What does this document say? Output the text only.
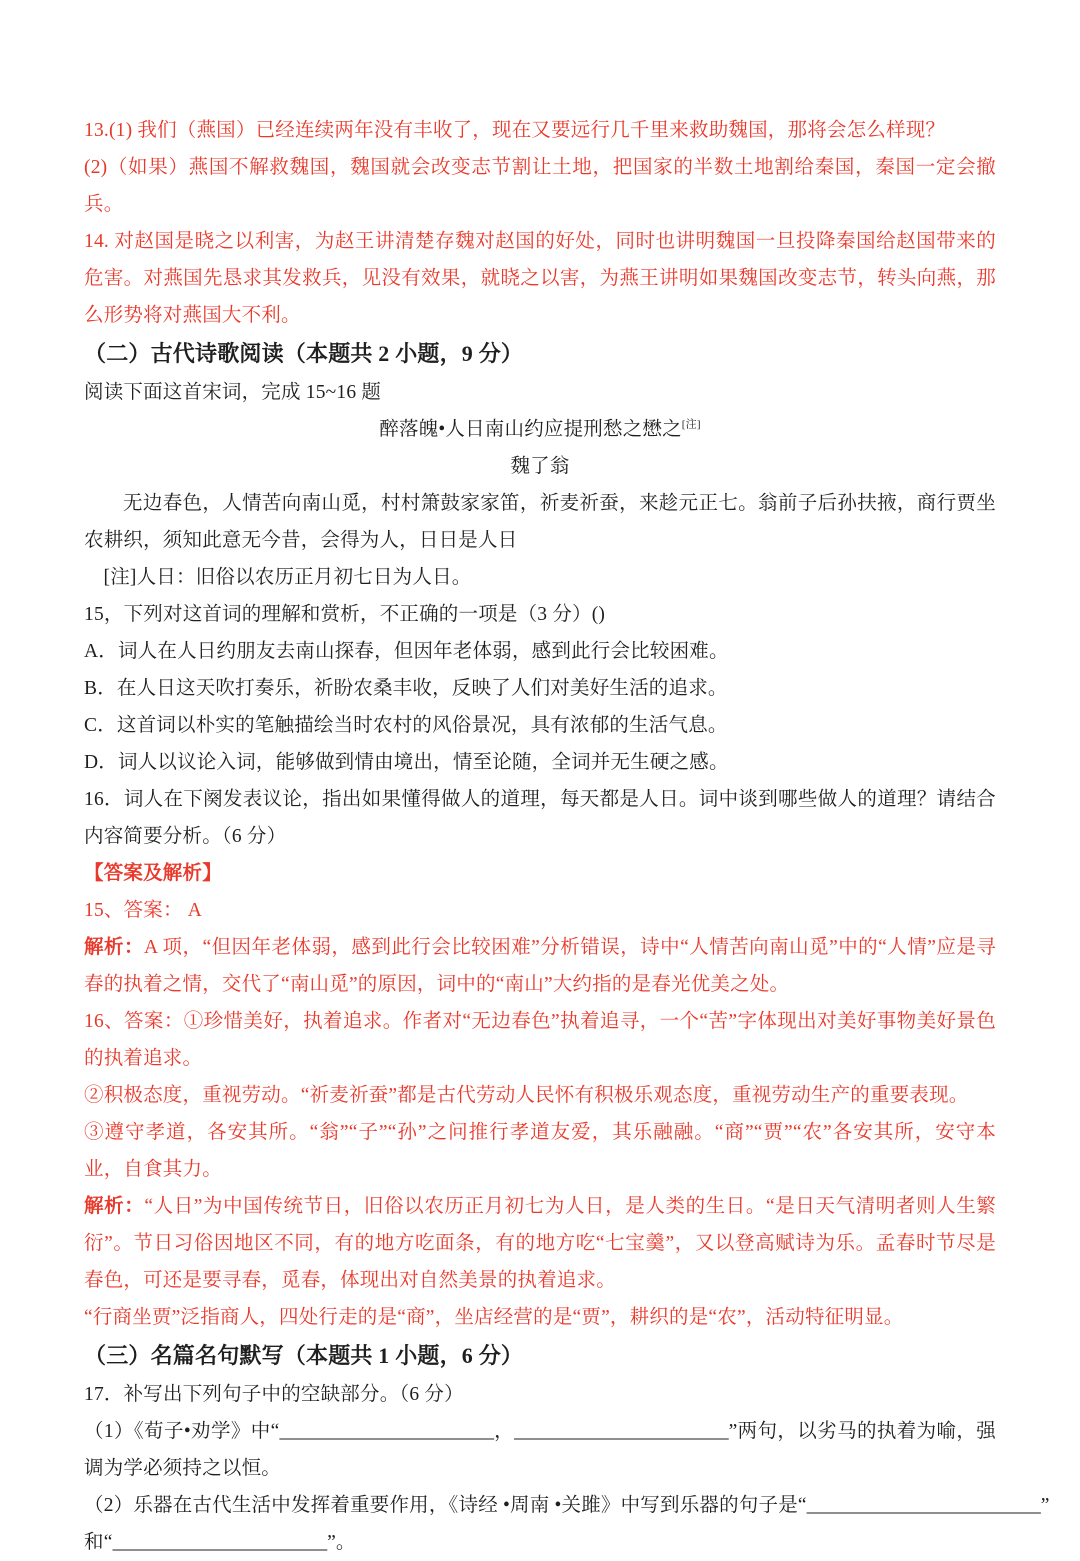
13.(1) 我们（燕国）已经连续两年没有丰收了，现在又要远行几千里来救助魏国，那将会怎么样现？

(2)（如果）燕国不解救魏国，魏国就会改变志节割让土地，把国家的半数土地割给秦国，秦国一定会撤兵。

14. 对赵国是晓之以利害，为赵王讲清楚存魏对赵国的好处，同时也讲明魏国一旦投降秦国给赵国带来的危害。对燕国先恳求其发救兵，见没有效果，就晓之以害，为燕王讲明如果魏国改变志节，转头向燕，那么形势将对燕国大不利。

（二）古代诗歌阅读（本题共 2 小题，9 分）

阅读下面这首宋词，完成 15~16 题

醉落魄•人日南山约应提刑愁之懋之[注]

魏了翁

无边春色，人情苦向南山觅，村村箫鼓家家笛，祈麦祈蚕，来趁元正七。翁前子后孙扶掖，商行贾坐农耕织，须知此意无今昔，会得为人，日日是人日

[注]人日：旧俗以农历正月初七日为人日。

15，下列对这首词的理解和赏析，不正确的一项是（3 分）()

A．词人在人日约朋友去南山探春，但因年老体弱，感到此行会比较困难。

B．在人日这天吹打奏乐，祈盼农桑丰收，反映了人们对美好生活的追求。

C．这首词以朴实的笔触描绘当时农村的风俗景况，具有浓郁的生活气息。

D．词人以议论入词，能够做到情由境出，情至论随，全词并无生硬之感。

16．词人在下阕发表议论，指出如果懂得做人的道理，每天都是人日。词中谈到哪些做人的道理？请结合内容简要分析。（6 分）

【答案及解析】

15、答案： A

解析：A 项，“但因年老体弱，感到此行会比较困难”分析错误，诗中“人情苦向南山觅”中的“人情”应是寻春的执着之情，交代了“南山觅”的原因，词中的“南山”大约指的是春光优美之处。

16、答案：①珍惜美好，执着追求。作者对“无边春色”执着追寻，一个“苦”字体现出对美好事物美好景色的执着追求。

②积极态度，重视劳动。“祈麦祈蚕”都是古代劳动人民怀有积极乐观态度，重视劳动生产的重要表现。

③遵守孝道，各安其所。“翁”“子”“孙”之问推行孝道友爱，其乐融融。“商”“贾”“农”各安其所，安守本业，自食其力。

解析：“人日”为中国传统节日，旧俗以农历正月初七为人日，是人类的生日。“是日天气清明者则人生繁衍”。节日习俗因地区不同，有的地方吃面条，有的地方吃“七宝羹”，又以登高赋诗为乐。孟春时节尽是春色，可还是要寻春，觅春，体现出对自然美景的执着追求。

“行商坐贾”泛指商人，四处行走的是“商”，坐店经营的是“贾”，耕织的是“农”，活动特征明显。

（三）名篇名句默写（本题共 1 小题，6 分）

17．补写出下列句子中的空缺部分。（6 分）

（1）《荀子•劝学》中“______________________，______________________”两句，以劣马的执着为喻，强调为学必须持之以恒。

（2）乐器在古代生活中发挥着重要作用，《诗经 •周南 •关雎》中写到乐器的句子是“________________________”

和“______________________”。
